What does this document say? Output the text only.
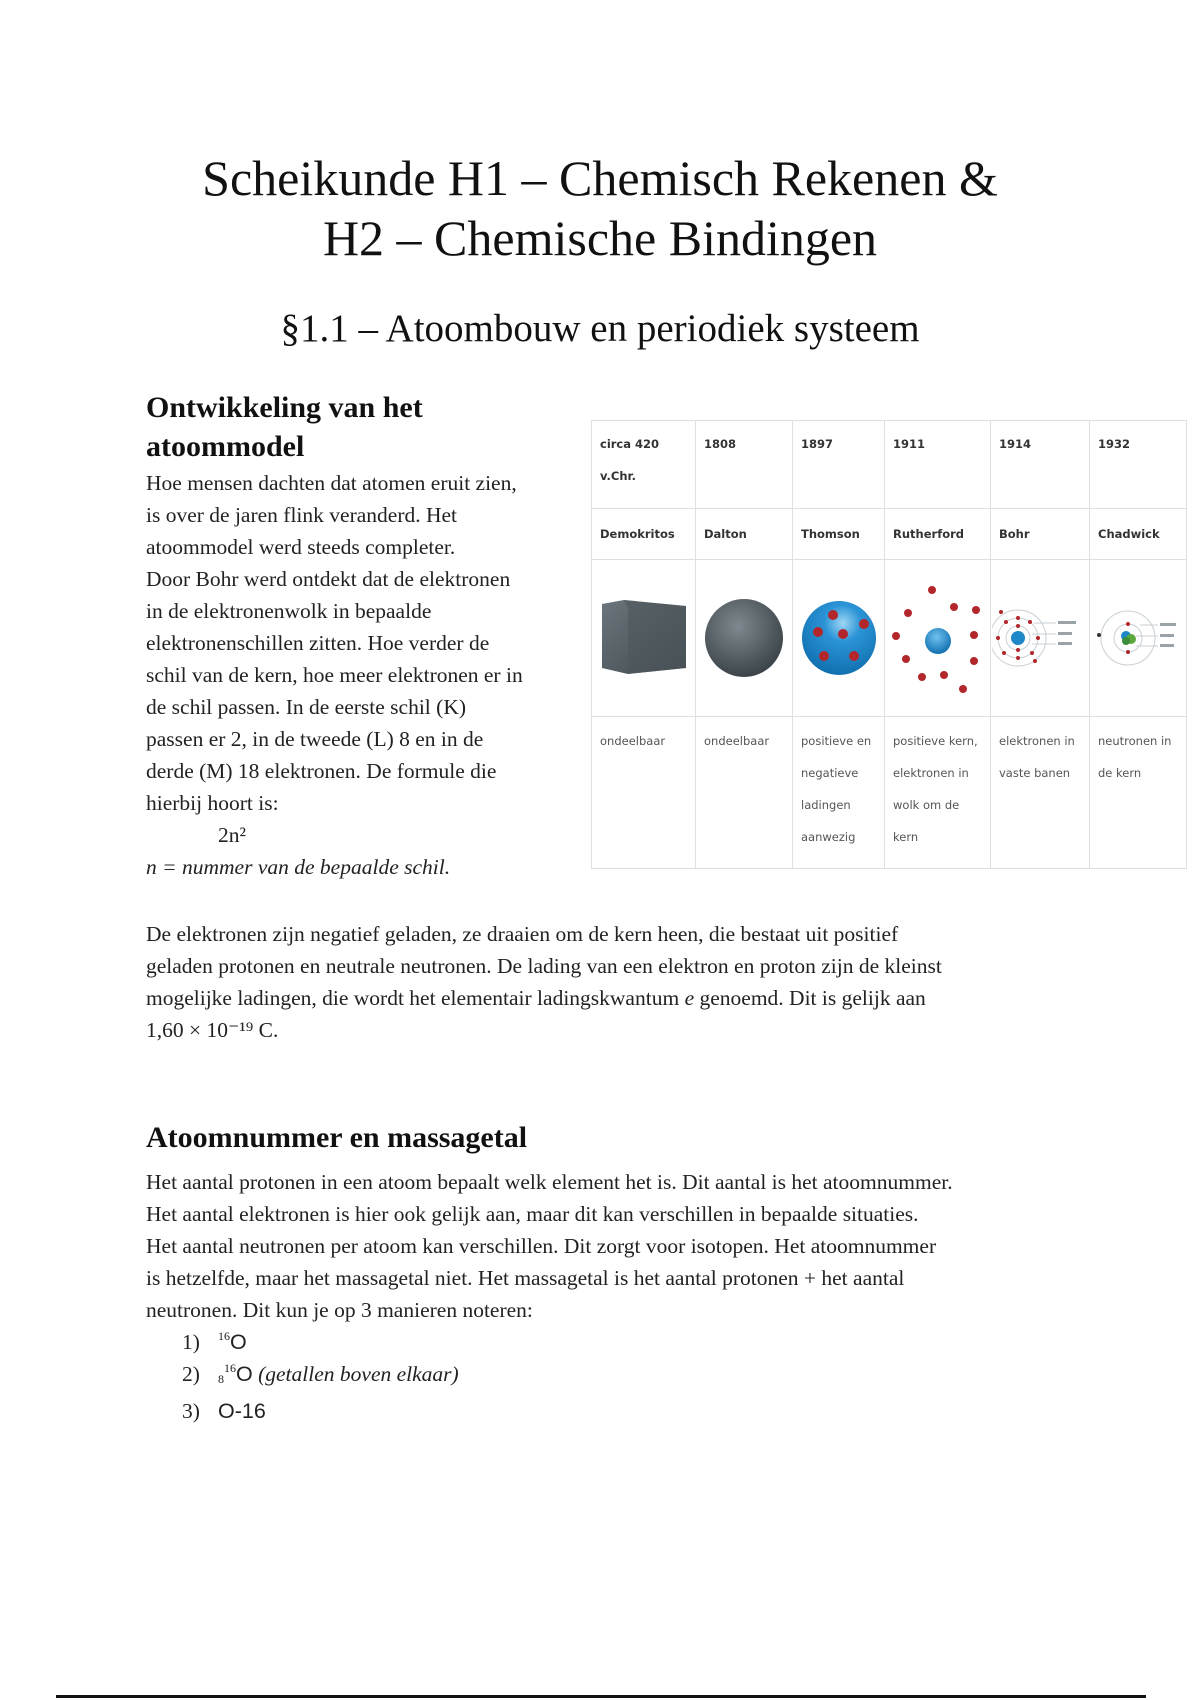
Scheikunde H1 – Chemisch Rekenen &
H2 – Chemische Bindingen
§1.1 – Atoombouw en periodiek systeem
Ontwikkeling van het
atoommodel

Hoe mensen dachten dat atomen eruit zien,

is over de jaren flink veranderd. Het

atoommodel werd steeds completer.

Door Bohr werd ontdekt dat de elektronen

in de elektronenwolk in bepaalde

elektronenschillen zitten. Hoe verder de

schil van de kern, hoe meer elektronen er in

de schil passen. In de eerste schil (K)

passen er 2, in de tweede (L) 8 en in de

derde (M) 18 elektronen. De formule die

hierbij hoort is:

2n²

n = nummer van de bepaalde schil.

circa 420
v.Chr.	1808	1897	1911	1914	1932
Demokritos	Dalton	Thomson	Rutherford	Bohr	Chadwick

ondeelbaar	ondeelbaar	positieve en
negatieve
ladingen
aanwezig	positieve kern,
elektronen in
wolk om de
kern	elektronen in
vaste banen	neutronen in
de kern

De elektronen zijn negatief geladen, ze draaien om de kern heen, die bestaat uit positief

geladen protonen en neutrale neutronen. De lading van een elektron en proton zijn de kleinst

mogelijke ladingen, die wordt het elementair ladingskwantum e genoemd. Dit is gelijk aan

1,60 × 10⁻¹⁹ C.

Atoomnummer en massagetal

Het aantal protonen in een atoom bepaalt welk element het is. Dit aantal is het atoomnummer.

Het aantal elektronen is hier ook gelijk aan, maar dit kan verschillen in bepaalde situaties.

Het aantal neutronen per atoom kan verschillen. Dit zorgt voor isotopen. Het atoomnummer

is hetzelfde, maar het massagetal niet. Het massagetal is het aantal protonen + het aantal

neutronen. Dit kun je op 3 manieren noteren:

1) $^{16}$O
2) $_8^{16}$O (getallen boven elkaar)
3) O-16
